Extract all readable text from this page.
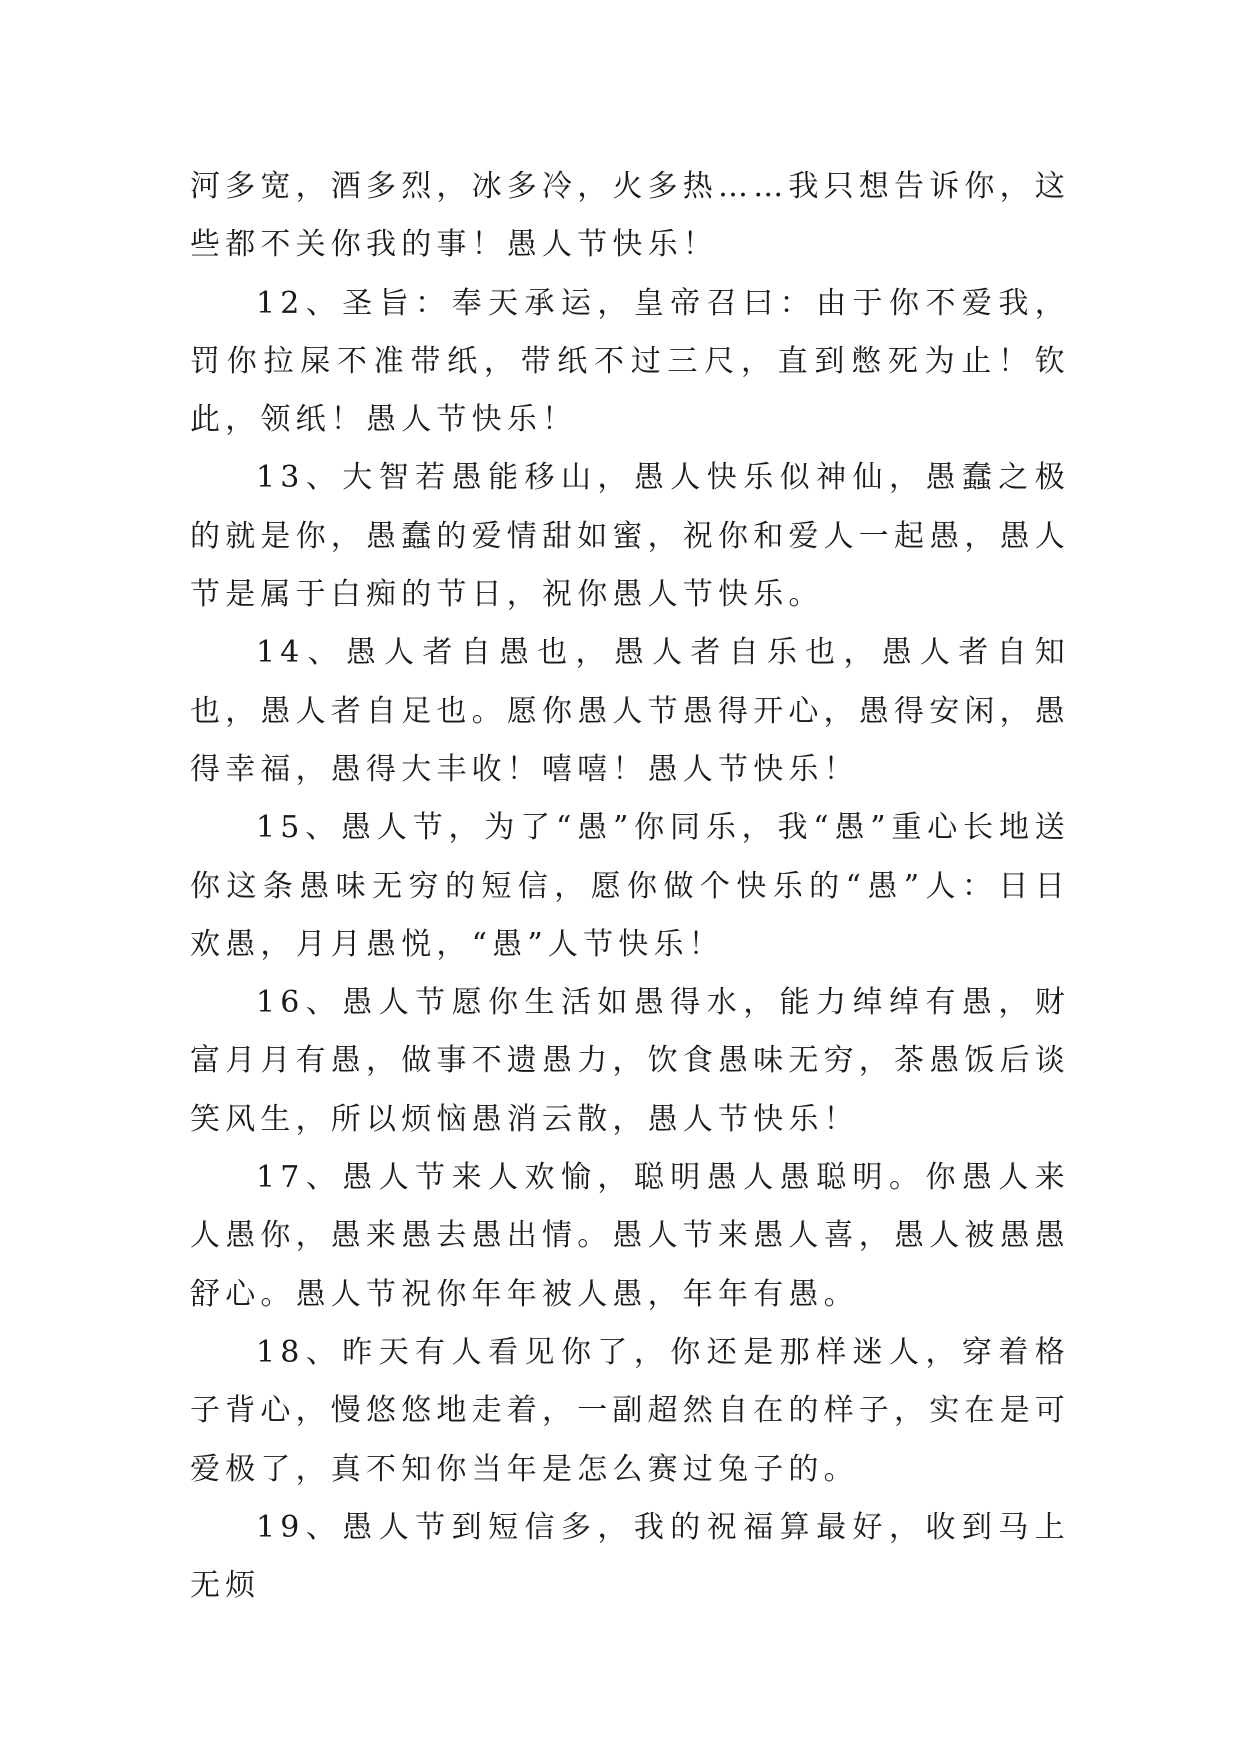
河多宽，酒多烈，冰多冷，火多热……我只想告诉你，这些都不关你我的事！愚人节快乐！

12、圣旨：奉天承运，皇帝召曰：由于你不爱我，罚你拉屎不准带纸，带纸不过三尺，直到憋死为止！钦此，领纸！愚人节快乐！

13、大智若愚能移山，愚人快乐似神仙，愚蠢之极的就是你，愚蠢的爱情甜如蜜，祝你和爱人一起愚，愚人节是属于白痴的节日，祝你愚人节快乐。

14、愚人者自愚也，愚人者自乐也，愚人者自知也，愚人者自足也。愿你愚人节愚得开心，愚得安闲，愚得幸福，愚得大丰收！嘻嘻！愚人节快乐！

15、愚人节，为了“愚”你同乐，我“愚”重心长地送你这条愚味无穷的短信，愿你做个快乐的“愚”人：日日欢愚，月月愚悦，“愚”人节快乐！

16、愚人节愿你生活如愚得水，能力绰绰有愚，财富月月有愚，做事不遗愚力，饮食愚味无穷，茶愚饭后谈笑风生，所以烦恼愚消云散，愚人节快乐！

17、愚人节来人欢愉，聪明愚人愚聪明。你愚人来人愚你，愚来愚去愚出情。愚人节来愚人喜，愚人被愚愚舒心。愚人节祝你年年被人愚，年年有愚。

18、昨天有人看见你了，你还是那样迷人，穿着格子背心，慢悠悠地走着，一副超然自在的样子，实在是可爱极了，真不知你当年是怎么赛过兔子的。

19、愚人节到短信多，我的祝福算最好，收到马上无烦
